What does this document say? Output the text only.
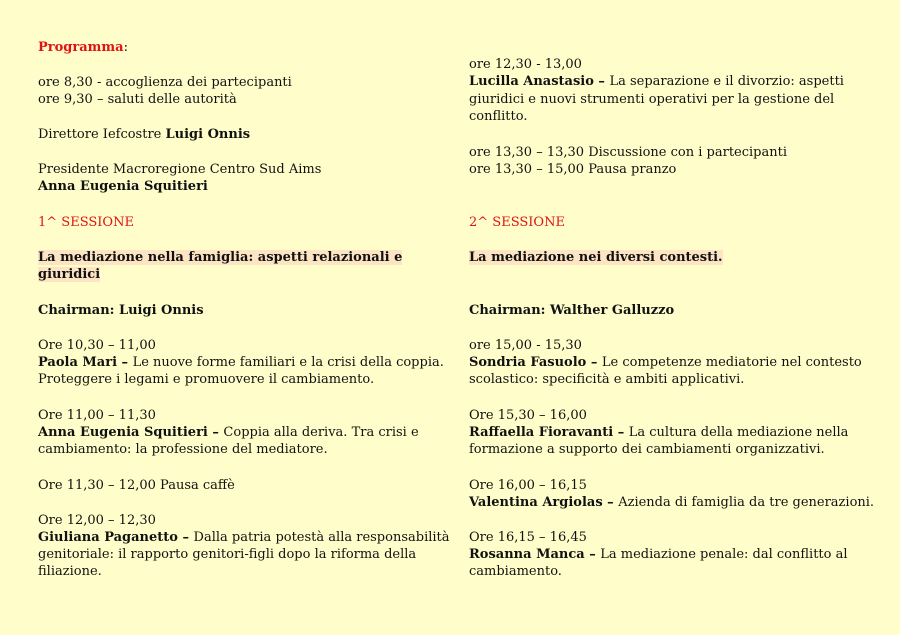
Programma:
ore 8,30 - accoglienza dei partecipanti
ore 9,30 – saluti delle autorità
Direttore Iefcostre Luigi Onnis
Presidente Macroregione Centro Sud Aims
Anna Eugenia Squitieri
1^ SESSIONE
La mediazione nella famiglia: aspetti relazionali e
giuridici
Chairman: Luigi Onnis
Ore 10,30 – 11,00
Paola Mari – Le nuove forme familiari e la crisi della coppia.
Proteggere i legami e promuovere il cambiamento.
Ore 11,00 – 11,30
Anna Eugenia Squitieri – Coppia alla deriva. Tra crisi e
cambiamento: la professione del mediatore.
Ore 11,30 – 12,00 Pausa caffè
Ore 12,00 – 12,30
Giuliana Paganetto – Dalla patria potestà alla responsabilità
genitoriale: il rapporto genitori-figli dopo la riforma della
filiazione.
ore 12,30 - 13,00
Lucilla Anastasio – La separazione e il divorzio: aspetti
giuridici e nuovi strumenti operativi per la gestione del
conflitto.
ore 13,30 – 13,30 Discussione con i partecipanti
ore 13,30 – 15,00 Pausa pranzo
2^ SESSIONE
La mediazione nei diversi contesti.
Chairman: Walther Galluzzo
ore 15,00 - 15,30
Sondria Fasuolo – Le competenze mediatorie nel contesto
scolastico: specificità e ambiti applicativi.
Ore 15,30 – 16,00
Raffaella Fioravanti – La cultura della mediazione nella
formazione a supporto dei cambiamenti organizzativi.
Ore 16,00 – 16,15
Valentina Argiolas – Azienda di famiglia da tre generazioni.
Ore 16,15 – 16,45
Rosanna Manca – La mediazione penale: dal conflitto al
cambiamento.
